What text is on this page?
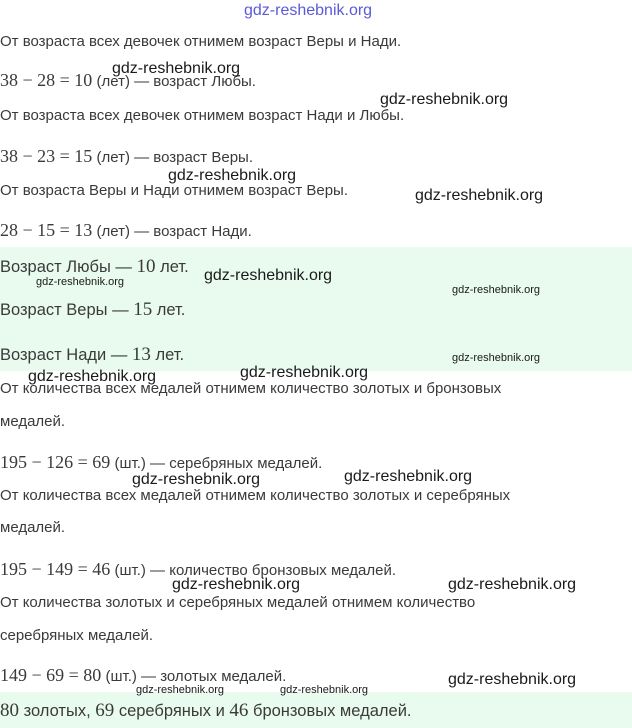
От возраста всех девочек отнимем возраст Веры и Нади.
38 − 28 = 10 (лет) — возраст Любы.
От возраста всех девочек отнимем возраст Нади и Любы.
38 − 23 = 15 (лет) — возраст Веры.
От возраста Веры и Нади отнимем возраст Веры.
28 − 15 = 13 (лет) — возраст Нади.
Возраст Любы — 10 лет.
Возраст Веры — 15 лет.
Возраст Нади — 13 лет.
От количества всех медалей отнимем количество золотых и бронзовых
медалей.
195 − 126 = 69 (шт.) — серебряных медалей.
От количества всех медалей отнимем количество золотых и серебряных
медалей.
195 − 149 = 46 (шт.) — количество бронзовых медалей.
От количества золотых и серебряных медалей отнимем количество
серебряных медалей.
149 − 69 = 80 (шт.) — золотых медалей.
80 золотых, 69 серебряных и 46 бронзовых медалей.
gdz-reshebnik.org
gdz-reshebnik.org
gdz-reshebnik.org
gdz-reshebnik.org
gdz-reshebnik.org
gdz-reshebnik.org
gdz-reshebnik.org
gdz-reshebnik.org
gdz-reshebnik.org
gdz-reshebnik.org	gdz-reshebnik.org
gdz-reshebnik.org
gdz-reshebnik.org
gdz-reshebnik.org	gdz-reshebnik.org
gdz-reshebnik.org
gdz-reshebnik.org	gdz-reshebnik.org
